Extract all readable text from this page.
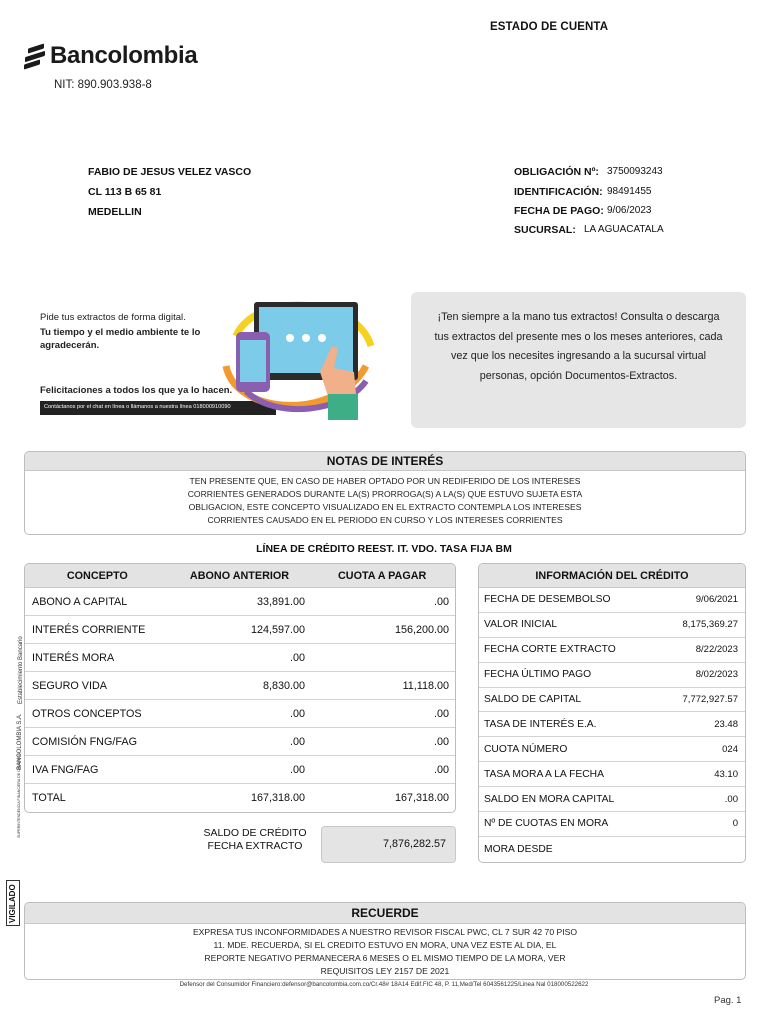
ESTADO DE CUENTA
Bancolombia
NIT: 890.903.938-8
FABIO DE JESUS VELEZ VASCO
CL 113 B 65 81
MEDELLIN
OBLIGACIÓN Nº: 3750093243
IDENTIFICACIÓN: 98491455
FECHA DE PAGO: 9/06/2023
SUCURSAL: LA AGUACATALA
Pide tus extractos de forma digital.
Tu tiempo y el medio ambiente te lo agradecerán.
Felicitaciones a todos los que ya lo hacen.
Contáctanos por el chat en línea o llámanos a nuestra línea 018000910090
¡Ten siempre a la mano tus extractos! Consulta o descarga tus extractos del presente mes o los meses anteriores, cada vez que los necesites ingresando a la sucursal virtual personas, opción Documentos-Extractos.
NOTAS DE INTERÉS
TEN PRESENTE QUE, EN CASO DE HABER OPTADO POR UN REDIFERIDO DE LOS INTERESES
CORRIENTES GENERADOS DURANTE LA(S) PRORROGA(S) A LA(S) QUE ESTUVO SUJETA ESTA
OBLIGACION, ESTE CONCEPTO VISUALIZADO EN EL EXTRACTO CONTEMPLA LOS INTERESES
CORRIENTES CAUSADO EN EL PERIODO EN CURSO Y LOS INTERESES CORRIENTES
LÍNEA DE CRÉDITO REEST. IT. VDO. TASA FIJA BM
CONCEPTO	ABONO ANTERIOR	CUOTA A PAGAR
ABONO A CAPITAL	33,891.00	.00
INTERÉS CORRIENTE	124,597.00	156,200.00
INTERÉS MORA	.00
SEGURO VIDA	8,830.00	11,118.00
OTROS CONCEPTOS	.00	.00
COMISIÓN FNG/FAG	.00	.00
IVA FNG/FAG	.00	.00
TOTAL	167,318.00	167,318.00
SALDO DE CRÉDITO
FECHA EXTRACTO	7,876,282.57
INFORMACIÓN DEL CRÉDITO
FECHA DE DESEMBOLSO	9/06/2021
VALOR INICIAL	8,175,369.27
FECHA CORTE EXTRACTO	8/22/2023
FECHA ÚLTIMO PAGO	8/02/2023
SALDO DE CAPITAL	7,772,927.57
TASA DE INTERÉS E.A.	23.48
CUOTA NÚMERO	024
TASA MORA A LA FECHA	43.10
SALDO EN MORA CAPITAL	.00
Nº DE CUOTAS EN MORA	0
MORA DESDE
BANCOLOMBIA S.A.
Establecimiento Bancario
SUPERINTENDENCIA FINANCIERA DE COLOMBIA
VIGILADO	RECUERDE
EXPRESA TUS INCONFORMIDADES A NUESTRO REVISOR FISCAL PWC, CL 7 SUR 42 70 PISO
11. MDE. RECUERDA, SI EL CREDITO ESTUVO EN MORA, UNA VEZ ESTE AL DIA, EL
REPORTE NEGATIVO PERMANECERA 6 MESES O EL MISMO TIEMPO DE LA MORA, VER
REQUISITOS LEY 2157 DE 2021
Defensor del Consumidor Financiero:defensor@bancolombia.com.co/Cr.48# 18A14 Edif.FIC 48, P. 11,Med/Tel 6043561225/Linea Nal 018000522622
Pag. 1
